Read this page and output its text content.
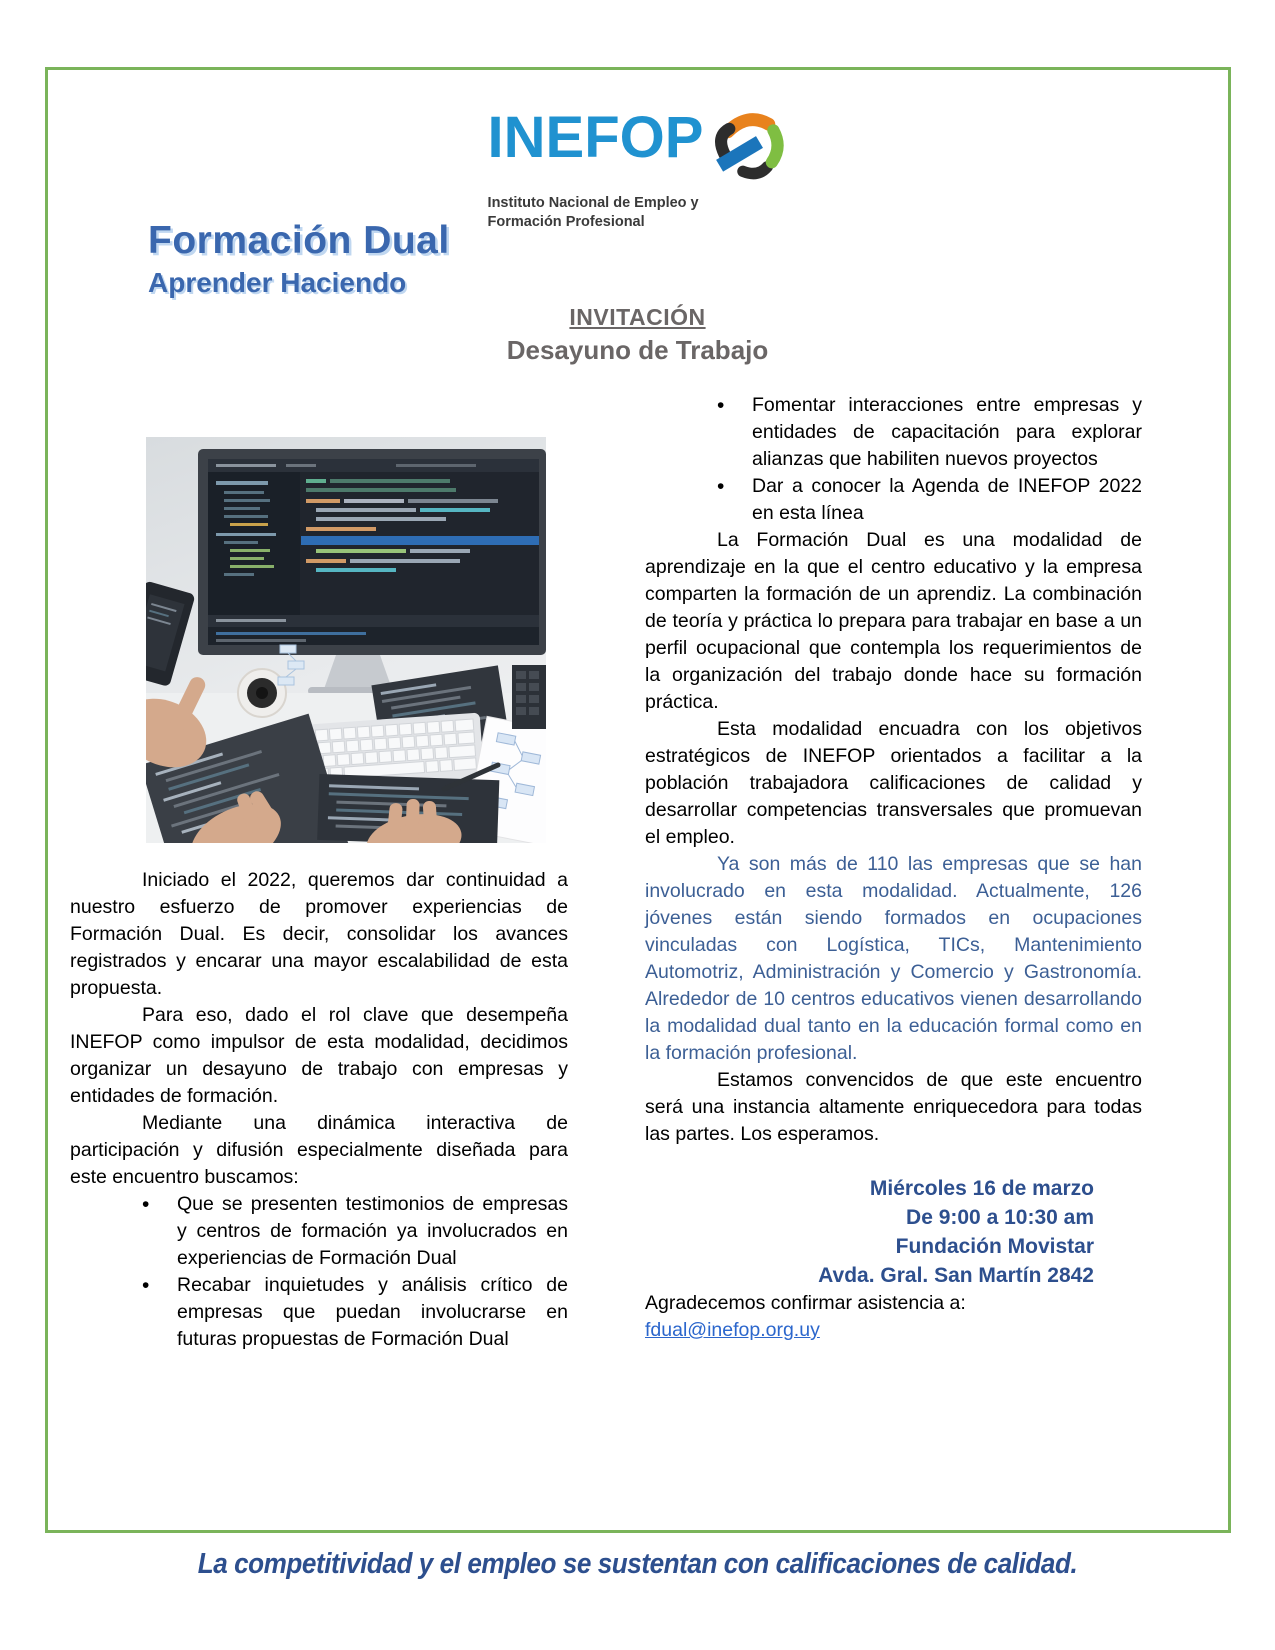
INEFOP
Instituto Nacional de Empleo y
Formación Profesional
Formación Dual
Aprender Haciendo
INVITACIÓN
Desayuno de Trabajo

Iniciado el 2022, queremos dar continuidad a nuestro esfuerzo de promover experiencias de Formación Dual. Es decir, consolidar los avances registrados y encarar una mayor escalabilidad de esta propuesta.

Para eso, dado el rol clave que desempeña INEFOP como impulsor de esta modalidad, decidimos organizar un desayuno de trabajo con empresas y entidades de formación.

Mediante una dinámica interactiva de participación y difusión especialmente diseñada para este encuentro buscamos:

• Que se presenten testimonios de empresas y centros de formación ya involucrados en experiencias de Formación Dual
• Recabar inquietudes y análisis crítico de empresas que puedan involucrarse en futuras propuestas de Formación Dual
• Fomentar interacciones entre empresas y entidades de capacitación para explorar alianzas que habiliten nuevos proyectos
• Dar a conocer la Agenda de INEFOP 2022 en esta línea

La Formación Dual es una modalidad de aprendizaje en la que el centro educativo y la empresa comparten la formación de un aprendiz. La combinación de teoría y práctica lo prepara para trabajar en base a un perfil ocupacional que contempla los requerimientos de la organización del trabajo donde hace su formación práctica.

Esta modalidad encuadra con los objetivos estratégicos de INEFOP orientados a facilitar a la población trabajadora calificaciones de calidad y desarrollar competencias transversales que promuevan el empleo.

Ya son más de 110 las empresas que se han involucrado en esta modalidad. Actualmente, 126 jóvenes están siendo formados en ocupaciones vinculadas con Logística, TICs, Mantenimiento Automotriz, Administración y Comercio y Gastronomía. Alrededor de 10 centros educativos vienen desarrollando la modalidad dual tanto en la educación formal como en la formación profesional.

Estamos convencidos de que este encuentro será una instancia altamente enriquecedora para todas las partes. Los esperamos.

Miércoles 16 de marzo
De 9:00 a 10:30 am
Fundación Movistar
Avda. Gral. San Martín 2842

Agradecemos confirmar asistencia a:

fdual@inefop.org.uy

La competitividad y el empleo se sustentan con calificaciones de calidad.
